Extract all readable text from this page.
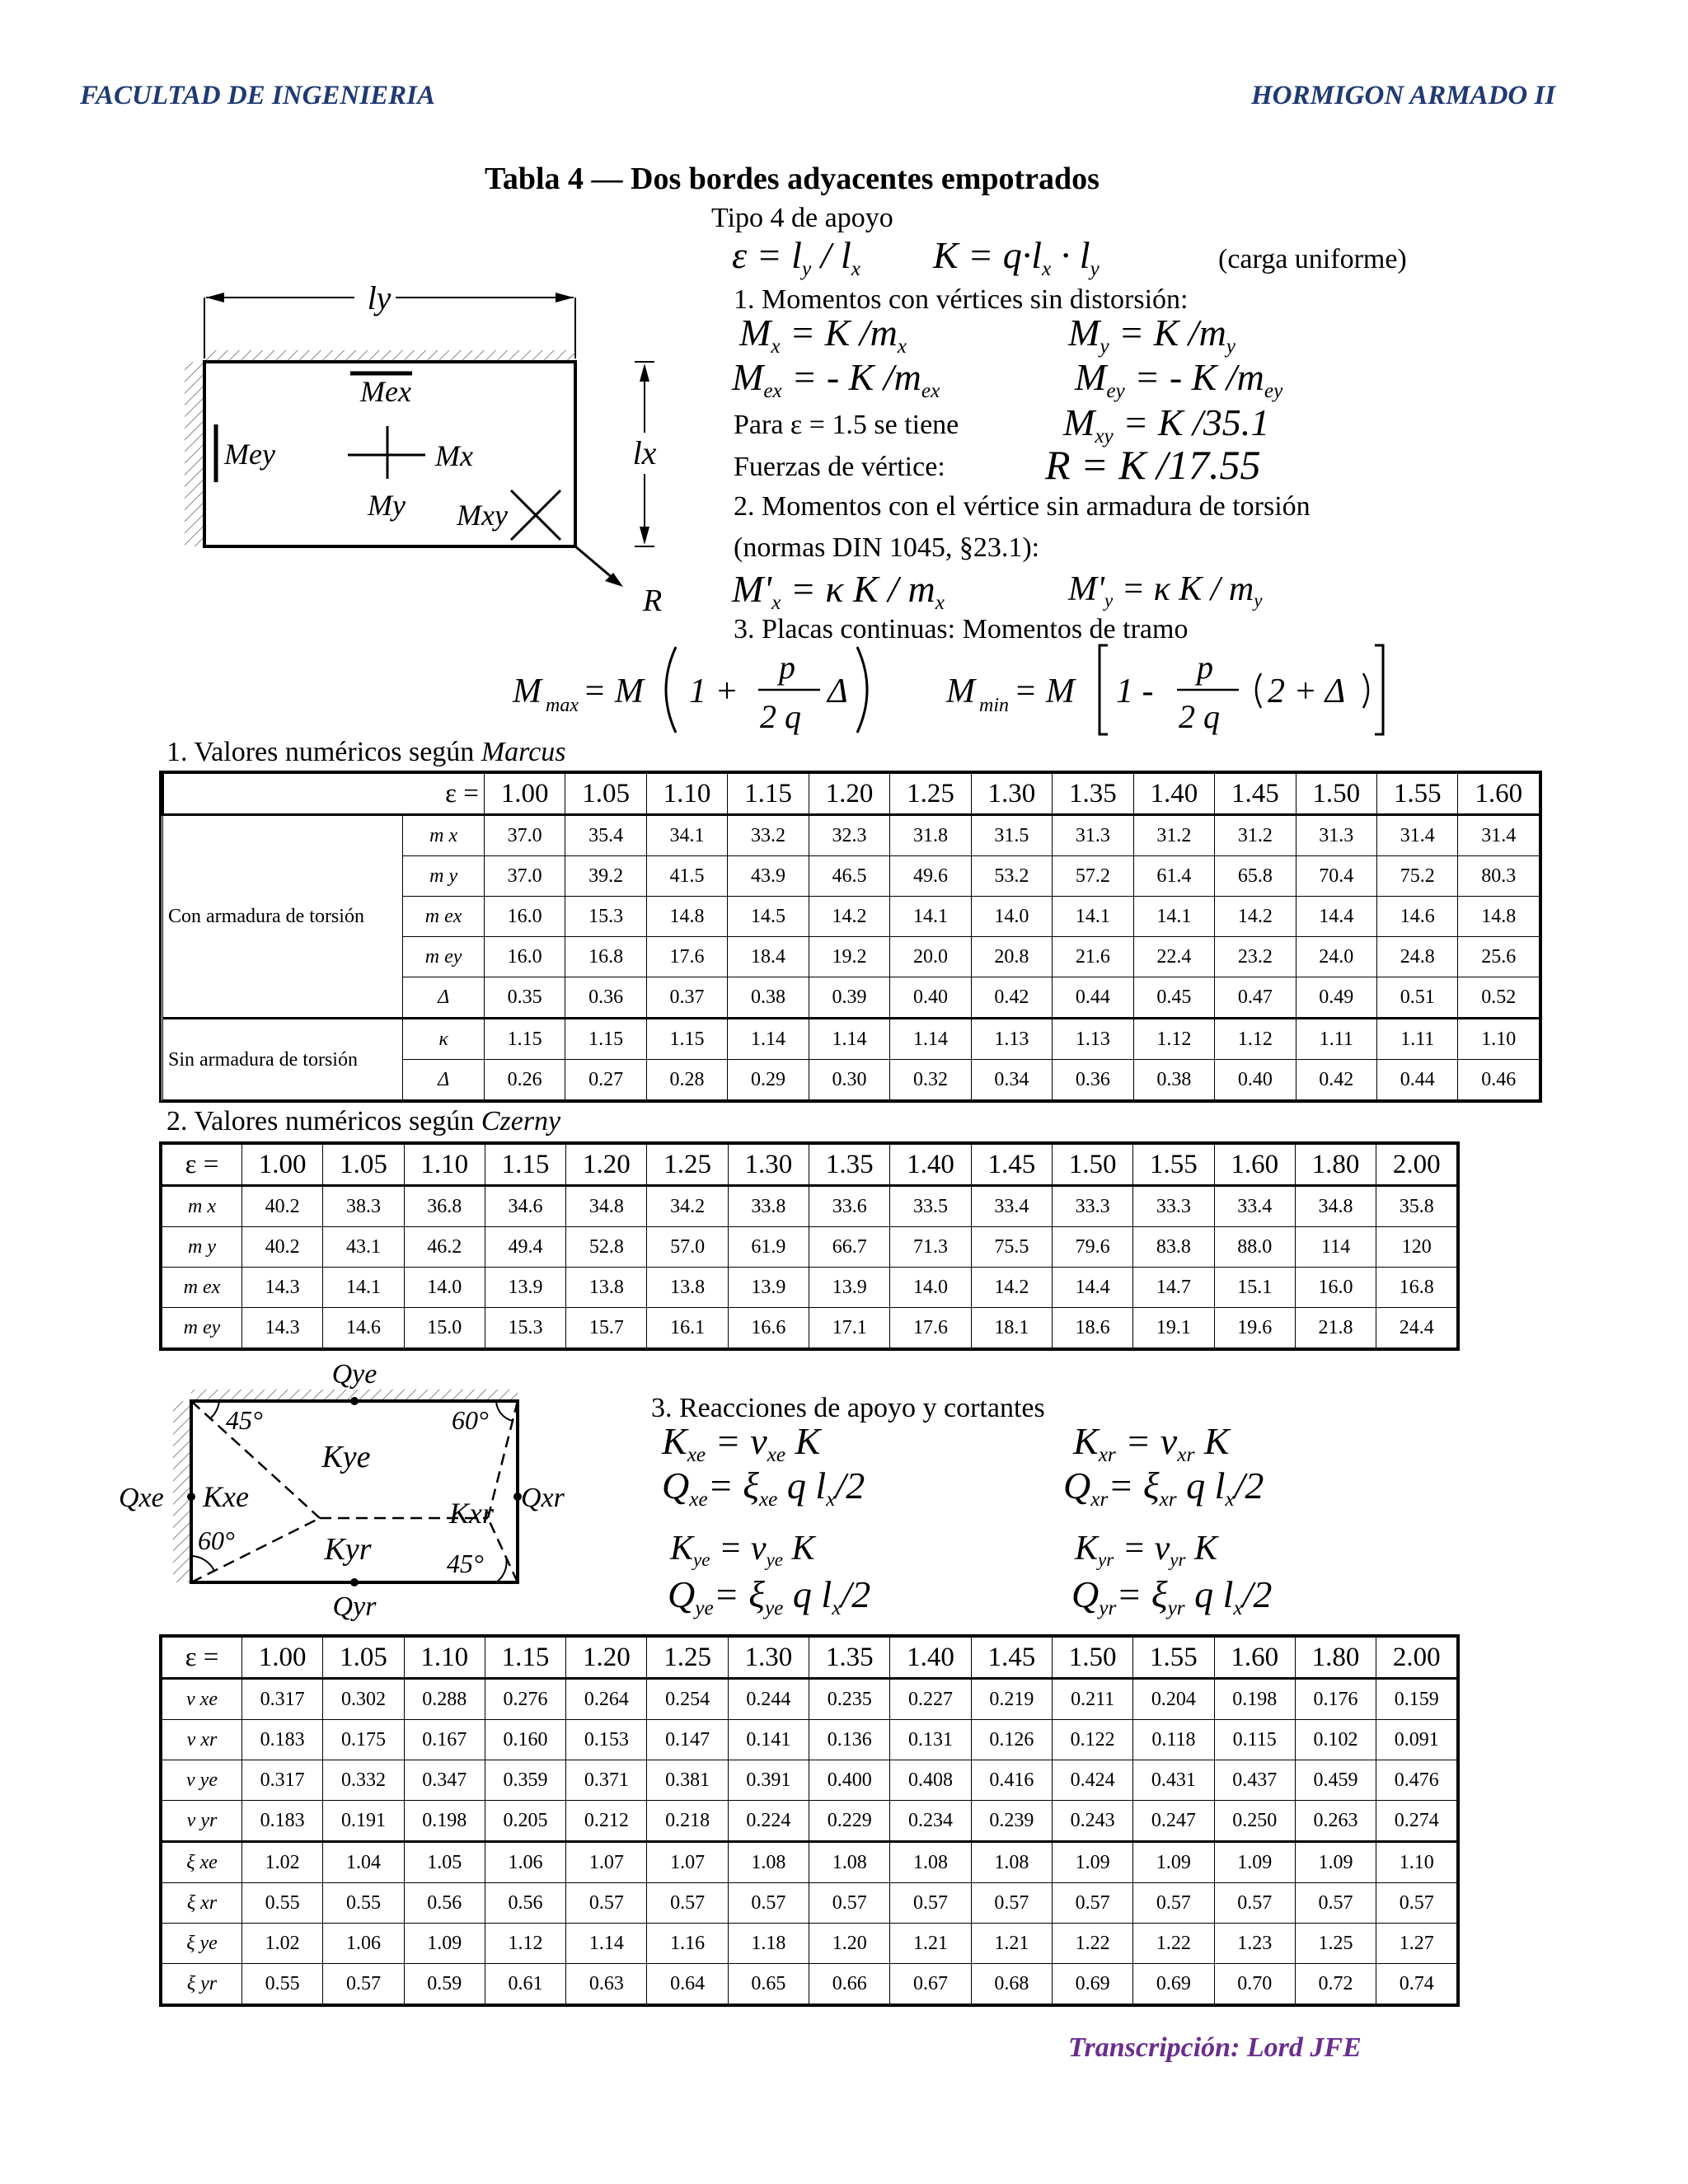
FACULTAD DE INGENIERIA	HORMIGON ARMADO II
Tabla 4 — Dos bordes adyacentes empotrados
Tipo 4 de apoyo
$\varepsilon = l_y / l_x$ $K = q\cdot l_x \cdot l_y$	(carga uniforme)
1. Momentos con vértices sin distorsión:
$M_x = K$ $/m_x$	$M_y = K$ $/m_y$
$M_{ex}$ = - K $/m_{ex}$	$M_{ey}$ = - K $/m_{ey}$
Para ε = 1.5 se tiene	$M_{xy} = K$ /35.1
Fuerzas de vértice: R = K /17.55
2. Momentos con el vértice sin armadura de torsión
(normas DIN 1045, §23.1):
$M'_x = \kappa$ K / $m_x$	$M'_y = \kappa$ K / $m_y$
3. Placas continuas: Momentos de tramo
M max = M 1 +
p
2 q
Δ	M min = M 1 -
p
2 q
2 + Δ
ly
lx
Mex
Mey	Mx
My Mxy
R
1. Valores numéricos según Marcus
	ε =	1.00	1.05	1.10	1.15	1.20	1.25	1.30	1.35	1.40	1.45	1.50	1.55	1.60
Con armadura de torsión	m x	37.0	35.4	34.1	33.2	32.3	31.8	31.5	31.3	31.2	31.2	31.3	31.4	31.4
	m y	37.0	39.2	41.5	43.9	46.5	49.6	53.2	57.2	61.4	65.8	70.4	75.2	80.3
	m ex	16.0	15.3	14.8	14.5	14.2	14.1	14.0	14.1	14.1	14.2	14.4	14.6	14.8
	m ey	16.0	16.8	17.6	18.4	19.2	20.0	20.8	21.6	22.4	23.2	24.0	24.8	25.6
	Δ	0.35	0.36	0.37	0.38	0.39	0.40	0.42	0.44	0.45	0.47	0.49	0.51	0.52
Sin armadura de torsión	κ	1.15	1.15	1.15	1.14	1.14	1.14	1.13	1.13	1.12	1.12	1.11	1.11	1.10
	Δ	0.26	0.27	0.28	0.29	0.30	0.32	0.34	0.36	0.38	0.40	0.42	0.44	0.46
2. Valores numéricos según Czerny
ε =	1.00	1.05	1.10	1.15	1.20	1.25	1.30	1.35	1.40	1.45	1.50	1.55	1.60	1.80	2.00
m x	40.2	38.3	36.8	34.6	34.8	34.2	33.8	33.6	33.5	33.4	33.3	33.3	33.4	34.8	35.8
m y	40.2	43.1	46.2	49.4	52.8	57.0	61.9	66.7	71.3	75.5	79.6	83.8	88.0	114	120
m ex	14.3	14.1	14.0	13.9	13.8	13.8	13.9	13.9	14.0	14.2	14.4	14.7	15.1	16.0	16.8
m ey	14.3	14.6	15.0	15.3	15.7	16.1	16.6	17.1	17.6	18.1	18.6	19.1	19.6	21.8	24.4
Qye
Qyr
Qxe	Qxr
Kye
Kyr
Kxe	Kxr
45°	60°
60°
45°
3. Reacciones de apoyo y cortantes
$K_{xe} = \nu_{xe}$ K	$K_{xr} = \nu_{xr}$ K
$Q_{xe}= \xi_{xe}$ q $l_x/2$	$Q_{xr}= \xi_{xr}$ q $l_x/2$
$K_{ye} = \nu_{ye}$ K	$K_{yr} = \nu_{yr}$ K
$Q_{ye}= \xi_{ye}$ q $l_x/2$	$Q_{yr}= \xi_{yr}$ q $l_x/2$
ε =	1.00	1.05	1.10	1.15	1.20	1.25	1.30	1.35	1.40	1.45	1.50	1.55	1.60	1.80	2.00
ν xe	0.317	0.302	0.288	0.276	0.264	0.254	0.244	0.235	0.227	0.219	0.211	0.204	0.198	0.176	0.159
ν xr	0.183	0.175	0.167	0.160	0.153	0.147	0.141	0.136	0.131	0.126	0.122	0.118	0.115	0.102	0.091
ν ye	0.317	0.332	0.347	0.359	0.371	0.381	0.391	0.400	0.408	0.416	0.424	0.431	0.437	0.459	0.476
ν yr	0.183	0.191	0.198	0.205	0.212	0.218	0.224	0.229	0.234	0.239	0.243	0.247	0.250	0.263	0.274
ξ xe	1.02	1.04	1.05	1.06	1.07	1.07	1.08	1.08	1.08	1.08	1.09	1.09	1.09	1.09	1.10
ξ xr	0.55	0.55	0.56	0.56	0.57	0.57	0.57	0.57	0.57	0.57	0.57	0.57	0.57	0.57	0.57
ξ ye	1.02	1.06	1.09	1.12	1.14	1.16	1.18	1.20	1.21	1.21	1.22	1.22	1.23	1.25	1.27
ξ yr	0.55	0.57	0.59	0.61	0.63	0.64	0.65	0.66	0.67	0.68	0.69	0.69	0.70	0.72	0.74
Transcripción: Lord JFE
